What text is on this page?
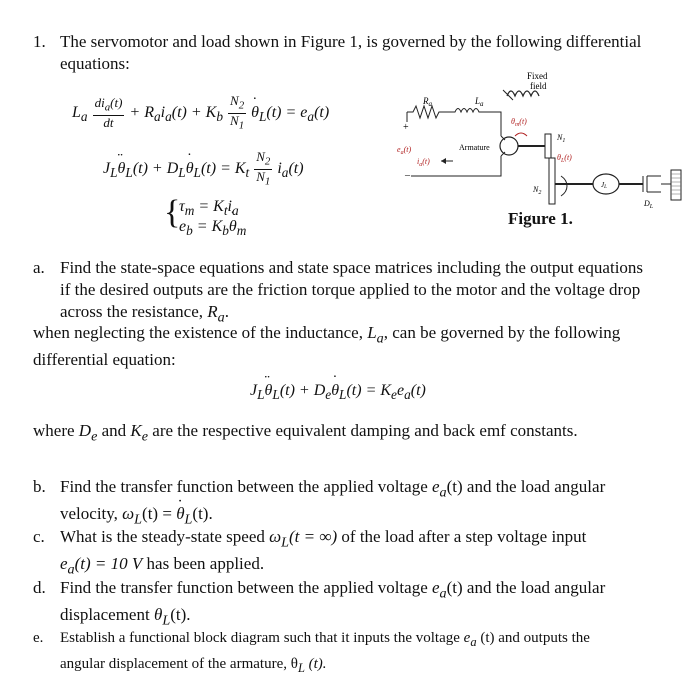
1. The servomotor and load shown in Figure 1, is governed by the following differential
equations:
$L_a \frac{di_a(t)}{dt} + R_ai_a(t) + K_b \frac{N_2}{N_1}$
˙ $\theta_L(t) = e_a(t)$
$J_L¨$ $\theta_L(t)$ + $D_L˙$ $\theta_L(t) = K_t \frac{N_2}{N_1} i_a(t)$
{
$\tau_m = K_ti_a$
$e_b$ = $K_b˙$ $\theta_m$
Fixed
field
$R_a$	$L_a$
+
$e_a(t)$
$i_a(t)$
–
Armature
$\theta_m(t)$
$N_1$
$\theta_L(t)$
$N_2$
JL
$D_L$
Figure 1.
a. Find the state-space equations and state space matrices including the output equations
if the desired outputs are the friction torque applied to the motor and the voltage drop
across the resistance, $R_a$.
when neglecting the existence of the inductance, $L_a$, can be governed by the following
differential equation:
$J_L¨$ $\theta_L(t)$ + $D_e˙$ $\theta_L(t) = K_ee_a(t)$
where $D_e$ and $K_e$ are the respective equivalent damping and back emf constants.
b. Find the transfer function between the applied voltage $e_a(t)$ and the load angular
velocity, $\omega_L(t)$ = ˙ $\theta_L(t)$.
c. What is the steady-state speed $\omega_L(t$ = ∞) of the load after a step voltage input
$e_a(t) = 10$ V has been applied.
d. Find the transfer function between the applied voltage $e_a(t)$ and the load angular
displacement $\theta_L(t)$.
e. Establish a functional block diagram such that it inputs the voltage $e_a$ (t) and outputs the
angular displacement of the armature, $\theta_L$ (t).
